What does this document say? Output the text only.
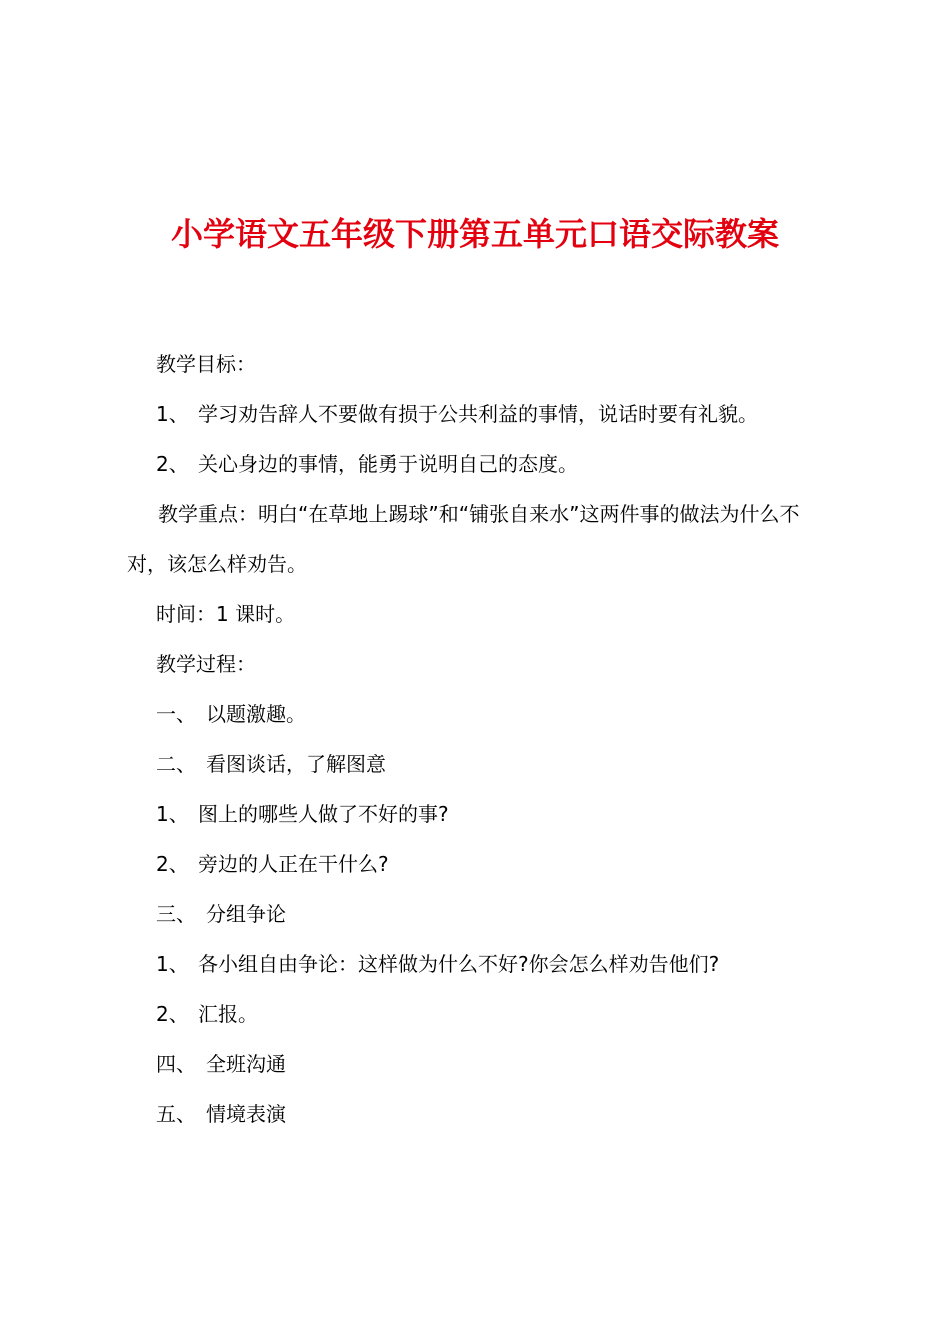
小学语文五年级下册第五单元口语交际教案
教学目标：
1、 学习劝告辞人不要做有损于公共利益的事情，说话时要有礼貌。
2、 关心身边的事情，能勇于说明自己的态度。
教学重点：明白“在草地上踢球”和“铺张自来水”这两件事的做法为什么不对，该怎么样劝告。
时间：1 课时。
教学过程：
一、 以题激趣。
二、 看图谈话，了解图意
1、 图上的哪些人做了不好的事?
2、 旁边的人正在干什么?
三、 分组争论
1、 各小组自由争论：这样做为什么不好?你会怎么样劝告他们?
2、 汇报。
四、 全班沟通
五、 情境表演
